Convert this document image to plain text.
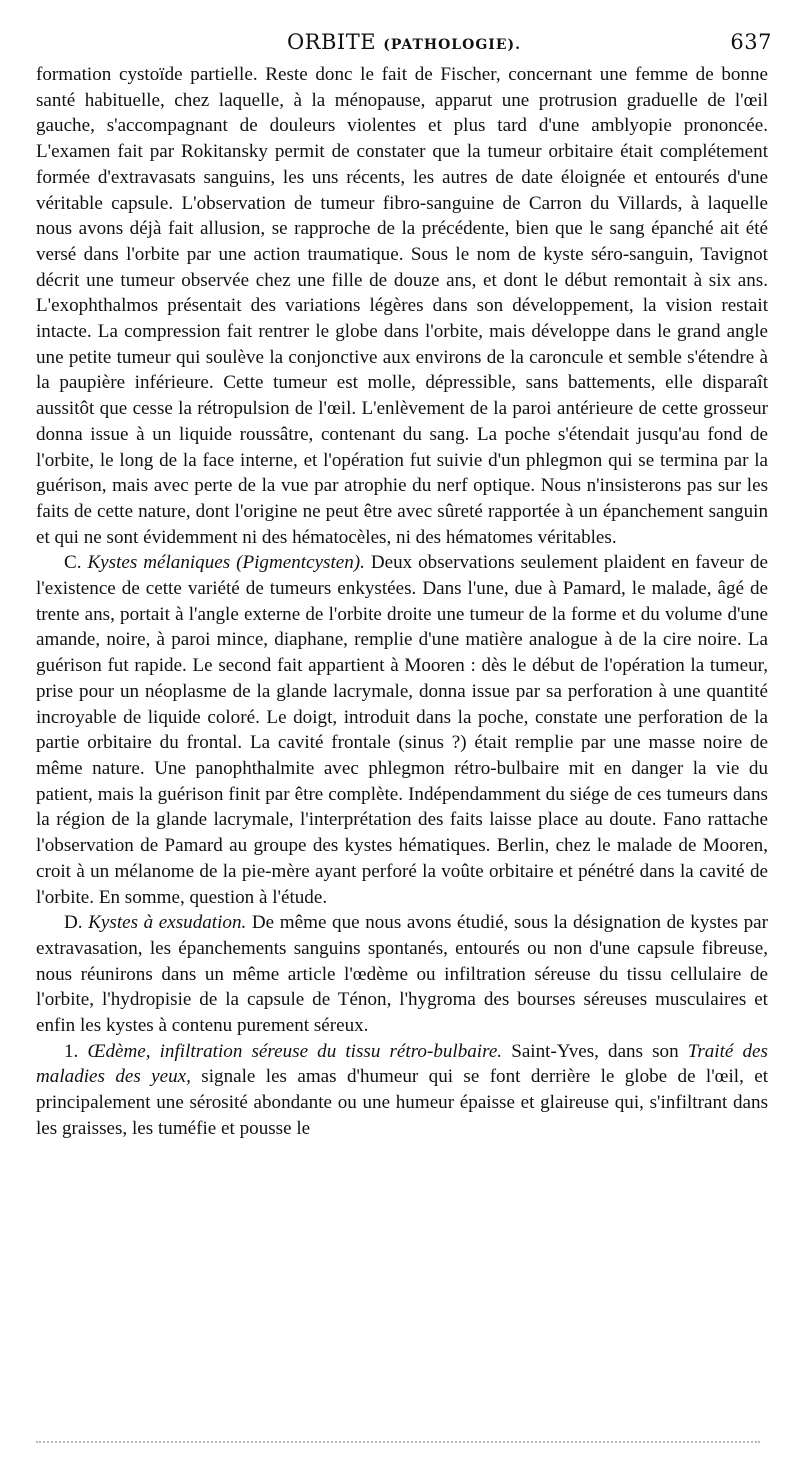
ORBITE (PATHOLOGIE).	637

formation cystoïde partielle. Reste donc le fait de Fischer, concernant une femme de bonne santé habituelle, chez laquelle, à la ménopause, apparut une protrusion graduelle de l'œil gauche, s'accompagnant de douleurs violentes et plus tard d'une amblyopie prononcée. L'examen fait par Rokitansky permit de constater que la tumeur orbitaire était complétement formée d'extravasats sanguins, les uns récents, les autres de date éloignée et entourés d'une véritable capsule. L'observation de tumeur fibro-sanguine de Carron du Villards, à laquelle nous avons déjà fait allusion, se rapproche de la précédente, bien que le sang épanché ait été versé dans l'orbite par une action traumatique. Sous le nom de kyste séro-sanguin, Tavignot décrit une tumeur observée chez une fille de douze ans, et dont le début remontait à six ans. L'exophthalmos présentait des variations légères dans son développement, la vision restait intacte. La compression fait rentrer le globe dans l'orbite, mais développe dans le grand angle une petite tumeur qui soulève la conjonctive aux environs de la caroncule et semble s'étendre à la paupière inférieure. Cette tumeur est molle, dépressible, sans battements, elle disparaît aussitôt que cesse la rétropulsion de l'œil. L'enlèvement de la paroi antérieure de cette grosseur donna issue à un liquide roussâtre, contenant du sang. La poche s'étendait jusqu'au fond de l'orbite, le long de la face interne, et l'opération fut suivie d'un phlegmon qui se termina par la guérison, mais avec perte de la vue par atrophie du nerf optique. Nous n'insisterons pas sur les faits de cette nature, dont l'origine ne peut être avec sûreté rapportée à un épanchement sanguin et qui ne sont évidemment ni des hématocèles, ni des hématomes véritables.

C. Kystes mélaniques (Pigmentcysten). Deux observations seulement plaident en faveur de l'existence de cette variété de tumeurs enkystées. Dans l'une, due à Pamard, le malade, âgé de trente ans, portait à l'angle externe de l'orbite droite une tumeur de la forme et du volume d'une amande, noire, à paroi mince, diaphane, remplie d'une matière analogue à de la cire noire. La guérison fut rapide. Le second fait appartient à Mooren : dès le début de l'opération la tumeur, prise pour un néoplasme de la glande lacrymale, donna issue par sa perforation à une quantité incroyable de liquide coloré. Le doigt, introduit dans la poche, constate une perforation de la partie orbitaire du frontal. La cavité frontale (sinus ?) était remplie par une masse noire de même nature. Une panophthalmite avec phlegmon rétro-bulbaire mit en danger la vie du patient, mais la guérison finit par être complète. Indépendamment du siége de ces tumeurs dans la région de la glande lacrymale, l'interprétation des faits laisse place au doute. Fano rattache l'observation de Pamard au groupe des kystes hématiques. Berlin, chez le malade de Mooren, croit à un mélanome de la pie-mère ayant perforé la voûte orbitaire et pénétré dans la cavité de l'orbite. En somme, question à l'étude.

D. Kystes à exsudation. De même que nous avons étudié, sous la désignation de kystes par extravasation, les épanchements sanguins spontanés, entourés ou non d'une capsule fibreuse, nous réunirons dans un même article l'œdème ou infiltration séreuse du tissu cellulaire de l'orbite, l'hydropisie de la capsule de Ténon, l'hygroma des bourses séreuses musculaires et enfin les kystes à contenu purement séreux.

1. Œdème, infiltration séreuse du tissu rétro-bulbaire. Saint-Yves, dans son Traité des maladies des yeux, signale les amas d'humeur qui se font derrière le globe de l'œil, et principalement une sérosité abondante ou une humeur épaisse et glaireuse qui, s'infiltrant dans les graisses, les tuméfie et pousse le
